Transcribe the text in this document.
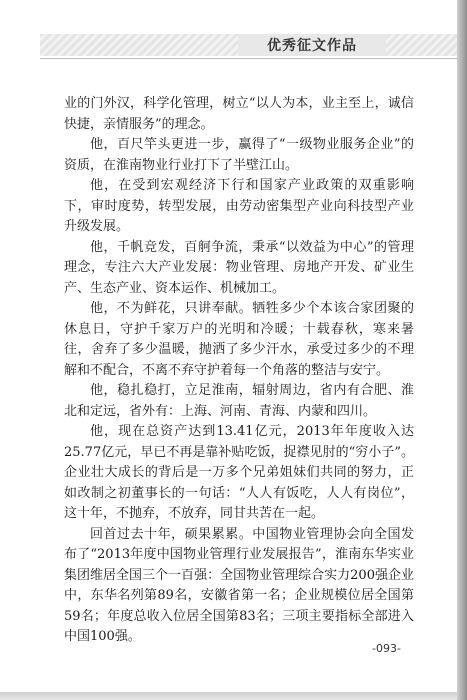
优秀征文作品

业的门外汉，科学化管理，树立“以人为本，业主至上，诚信快捷，亲情服务”的理念。

他，百尺竿头更进一步，赢得了“一级物业服务企业”的资质，在淮南物业行业打下了半壁江山。

他，在受到宏观经济下行和国家产业政策的双重影响下，审时度势，转型发展，由劳动密集型产业向科技型产业升级发展。

他，千帆竞发，百舸争流，秉承“以效益为中心”的管理理念，专注六大产业发展：物业管理、房地产开发、矿业生产、生态产业、资本运作、机械加工。

他，不为鲜花，只讲奉献。牺牲多少个本该合家团聚的休息日，守护千家万户的光明和冷暖；十载春秋，寒来暑往，舍弃了多少温暖，抛洒了多少汗水，承受过多少的不理解和不配合，不离不弃守护着每一个角落的整洁与安宁。

他，稳扎稳打，立足淮南，辐射周边，省内有合肥、淮北和定远，省外有：上海、河南、青海、内蒙和四川。

他，现在总资产达到13.41亿元，2013年年度收入达25.77亿元，早已不再是靠补贴吃饭，捉襟见肘的“穷小子”。企业壮大成长的背后是一万多个兄弟姐妹们共同的努力，正如改制之初董事长的一句话：“人人有饭吃，人人有岗位”，这十年，不抛弃，不放弃，同甘共苦在一起。

回首过去十年，硕果累累。中国物业管理协会向全国发布了“2013年度中国物业管理行业发展报告”，淮南东华实业集团维居全国三个一百强：全国物业管理综合实力200强企业中，东华名列第89名，安徽省第一名；企业规模位居全国第59名；年度总收入位居全国第83名；三项主要指标全部进入中国100强。

-093-
